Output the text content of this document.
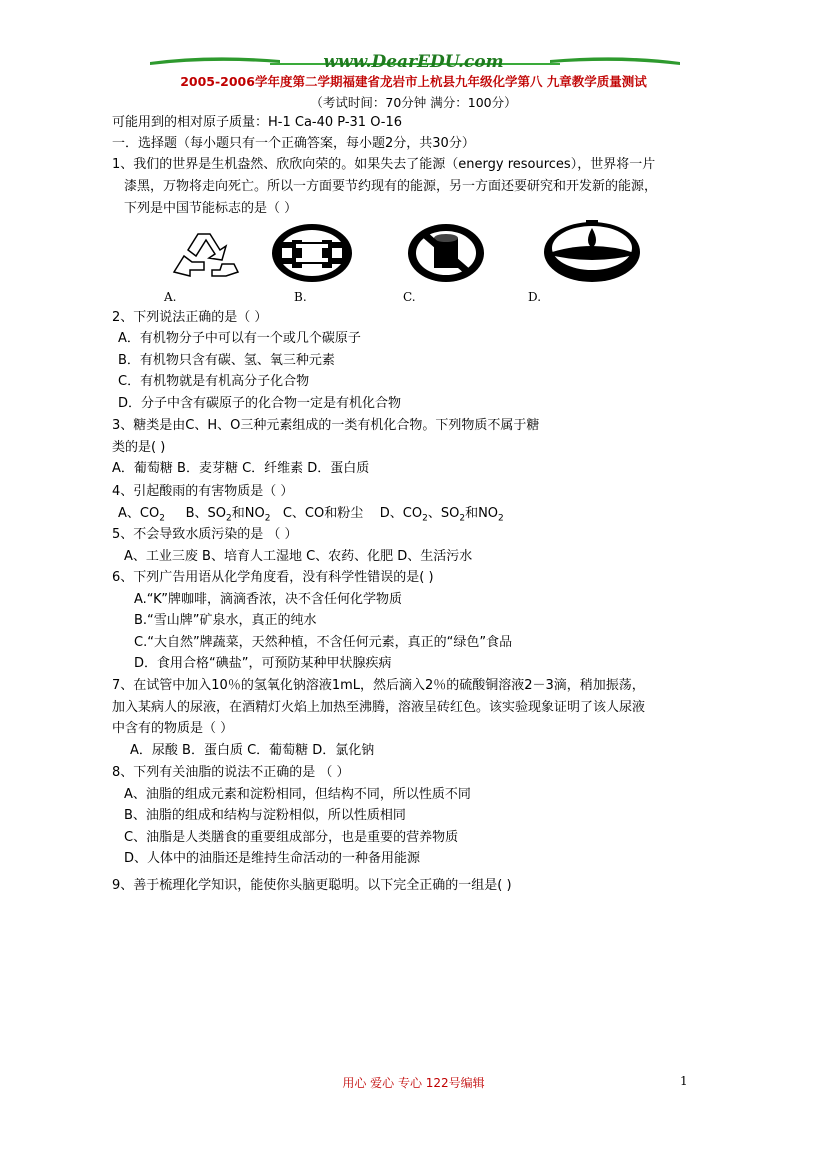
www.DearEDU.com
2005-2006学年度第二学期福建省龙岩市上杭县九年级化学第八 九章教学质量测试
（考试时间：70分钟 满分：100分）
可能用到的相对原子质量：H-1 Ca-40 P-31 O-16
一．选择题（每小题只有一个正确答案，每小题2分，共30分）
1、我们的世界是生机盎然、欣欣向荣的。如果失去了能源（energy resources），世界将一片
漆黑，万物将走向死亡。所以一方面要节约现有的能源，另一方面还要研究和开发新的能源，
下列是中国节能标志的是（ ）
A.	B.	C.	D.
2、下列说法正确的是（ ）
A．有机物分子中可以有一个或几个碳原子
B．有机物只含有碳、氢、氧三种元素
C．有机物就是有机高分子化合物
D．分子中含有碳原子的化合物一定是有机化合物
3、糖类是由C、H、O三种元素组成的一类有机化合物。下列物质不属于糖
类的是( )
A．葡萄糖 B．麦芽糖 C．纤维素 D．蛋白质
4、引起酸雨的有害物质是（ ）
A、$CO_2$ B、$SO_2$和$NO_2$ C、CO和粉尘 D、$CO_2$、$SO_2$和$NO_2$
5、不会导致水质污染的是 （ ）
A、工业三废 B、培育人工湿地 C、农药、化肥 D、生活污水
6、下列广告用语从化学角度看，没有科学性错误的是( )
A.“K”牌咖啡，滴滴香浓，决不含任何化学物质
B.“雪山牌”矿泉水，真正的纯水
C.“大自然”牌蔬菜，天然种植，不含任何元素，真正的“绿色”食品
D．食用合格“碘盐”，可预防某种甲状腺疾病
7、在试管中加入10％的氢氧化钠溶液1mL，然后滴入2％的硫酸铜溶液2－3滴，稍加振荡，
加入某病人的尿液，在酒精灯火焰上加热至沸腾，溶液呈砖红色。该实验现象证明了该人尿液
中含有的物质是（ ）
A．尿酸 B．蛋白质 C．葡萄糖 D．氯化钠
8、下列有关油脂的说法不正确的是 （ ）
A、油脂的组成元素和淀粉相同，但结构不同，所以性质不同
B、油脂的组成和结构与淀粉相似，所以性质相同
C、油脂是人类膳食的重要组成部分，也是重要的营养物质
D、人体中的油脂还是维持生命活动的一种备用能源
9、善于梳理化学知识，能使你头脑更聪明。以下完全正确的一组是( )
用心 爱心 专心 122号编辑	1
